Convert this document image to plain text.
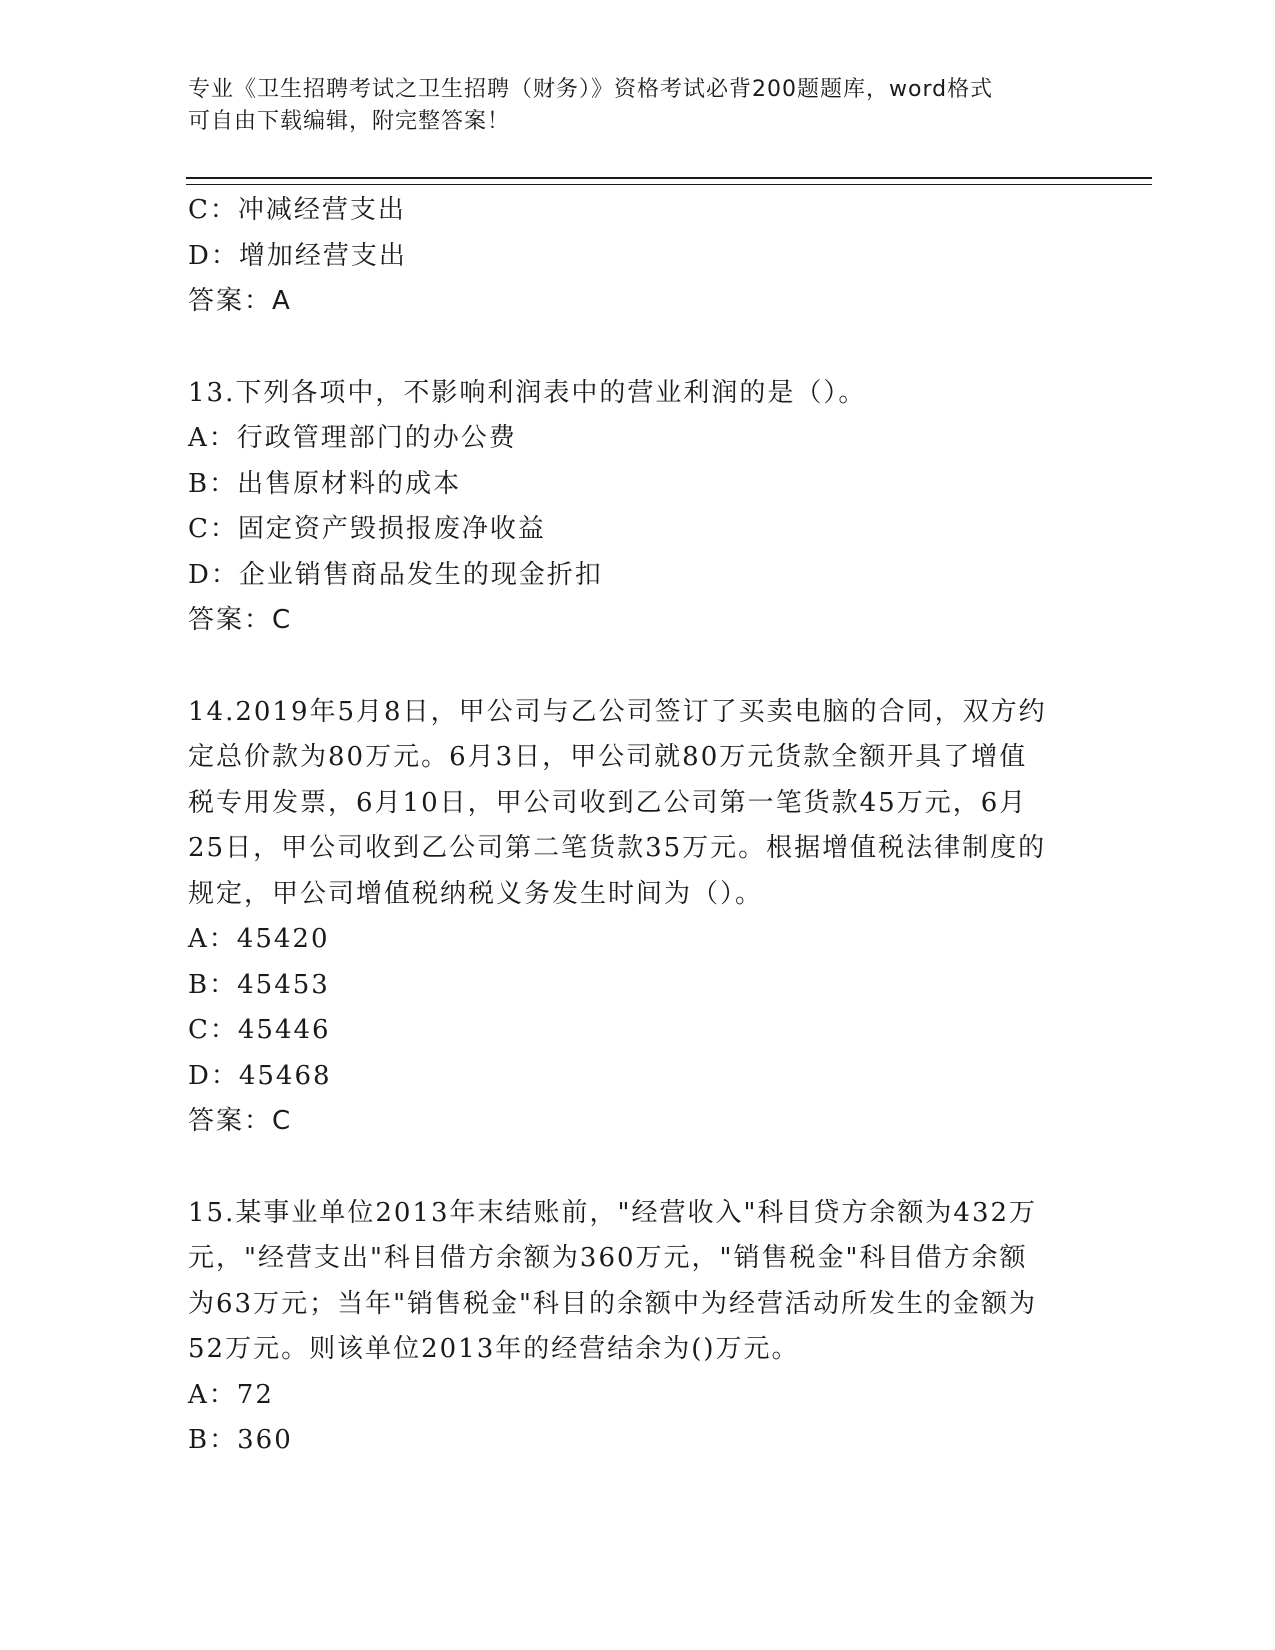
专业《卫生招聘考试之卫生招聘（财务）》资格考试必背200题题库，word格式
可自由下载编辑，附完整答案！
C：冲减经营支出
D：增加经营支出
答案：A
13.下列各项中，不影响利润表中的营业利润的是（）。
A：行政管理部门的办公费
B：出售原材料的成本
C：固定资产毁损报废净收益
D：企业销售商品发生的现金折扣
答案：C
14.2019年5月8日，甲公司与乙公司签订了买卖电脑的合同，双方约
定总价款为80万元。6月3日，甲公司就80万元货款全额开具了增值
税专用发票，6月10日，甲公司收到乙公司第一笔货款45万元，6月
25日，甲公司收到乙公司第二笔货款35万元。根据增值税法律制度的
规定，甲公司增值税纳税义务发生时间为（）。
A：45420
B：45453
C：45446
D：45468
答案：C
15.某事业单位2013年末结账前，"经营收入"科目贷方余额为432万
元，"经营支出"科目借方余额为360万元，"销售税金"科目借方余额
为63万元；当年"销售税金"科目的余额中为经营活动所发生的金额为
52万元。则该单位2013年的经营结余为()万元。
A：72
B：360
